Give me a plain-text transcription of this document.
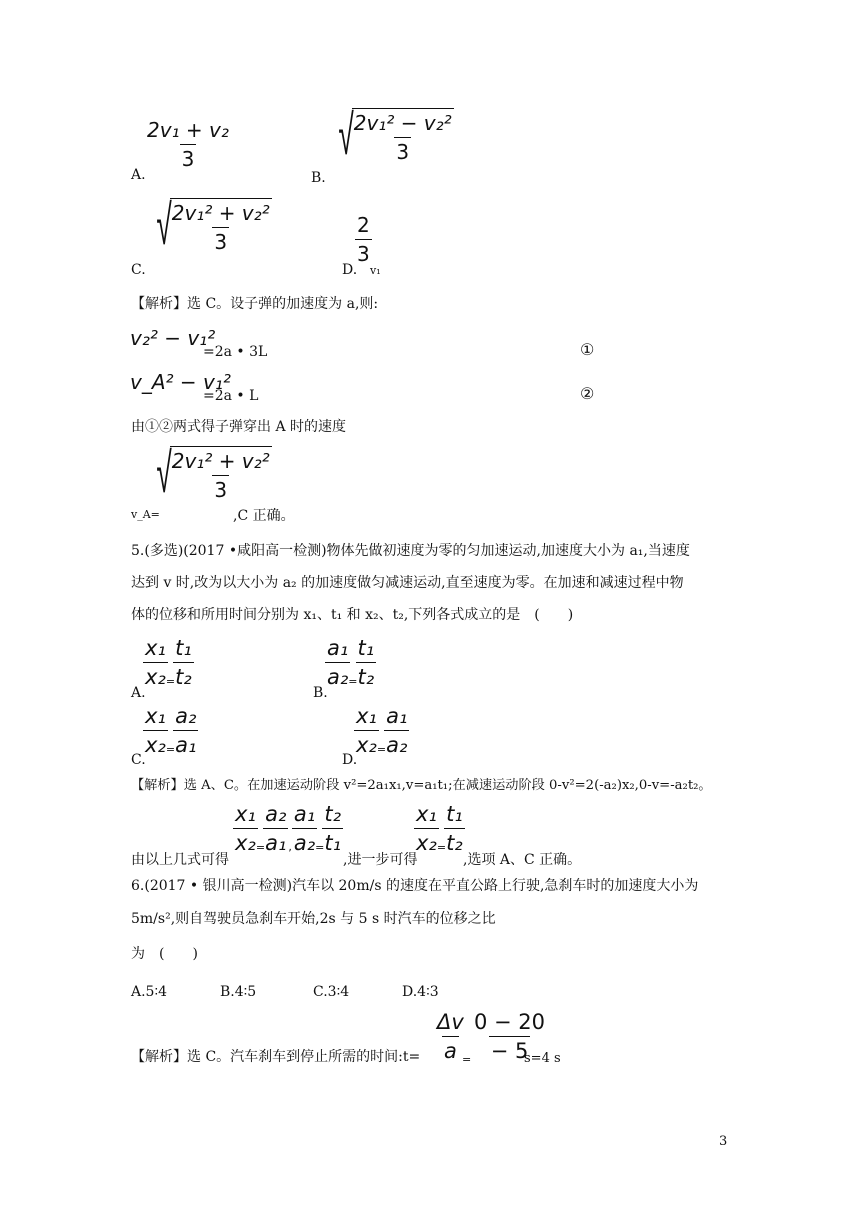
A.
$\frac{\text{2v₁ + v₂}}{3}$
B.
√
$\frac{\text{2v₁² − v₂²}}{3}$
C.
√
$\frac{\text{2v₁² + v₂²}}{3}$
D.
$\frac{2}{3}$
v₁
【解析】选 C。设子弹的加速度为 a,则:
v₂² − v₁²
=2a • 3L	①
v_A² − v₁²
=2a • L	②
由①②两式得子弹穿出 A 时的速度
v_A=
√
$\frac{\text{2v₁² + v₂²}}{3}$
,C 正确。
5.(多选)(2017 •咸阳高一检测)物体先做初速度为零的匀加速运动,加速度大小为 a₁,当速度
达到 v 时,改为以大小为 a₂ 的加速度做匀减速运动,直至速度为零。在加速和减速过程中物
体的位移和所用时间分别为 x₁、t₁ 和 x₂、t₂,下列各式成立的是　(　　)
A.
$\frac{\text{x₁}}{\text{x₂}}$
$_=$
$\frac{\text{t₁}}{\text{t₂}}$
B.
$\frac{\text{a₁}}{\text{a₂}}$
$_=$
$\frac{\text{t₁}}{\text{t₂}}$
C.
$\frac{\text{x₁}}{\text{x₂}}$
$_=$
$\frac{\text{a₂}}{\text{a₁}}$
D.
$\frac{\text{x₁}}{\text{x₂}}$
$_=$
$\frac{\text{a₁}}{\text{a₂}}$
【解析】选 A、C。在加速运动阶段 v²=2a₁x₁,v=a₁t₁;在减速运动阶段 0-v²=2(-a₂)x₂,0-v=-a₂t₂。
由以上几式可得
$\frac{\text{x₁}}{\text{x₂}}$
$_=$
$\frac{\text{a₂}}{\text{a₁}} _, \frac{\text{a₁}}{\text{a₂}}$
$_=$
$\frac{\text{t₂}}{\text{t₁}}$
,进一步可得
$\frac{\text{x₁}}{\text{x₂}}$
$_=$
$\frac{\text{t₁}}{\text{t₂}}$
,选项 A、C 正确。
6.(2017 • 银川高一检测)汽车以 20m/s 的速度在平直公路上行驶,急刹车时的加速度大小为
5m/s²,则自驾驶员急刹车开始,2s 与 5 s 时汽车的位移之比
为　(　　)
A.5∶4	B.4∶5	C.3∶4	D.4∶3
【解析】选 C。汽车刹车到停止所需的时间:t= $\frac{\Delta v}{a}$
= $\frac{0 - 20}{- 5}$
s=4 s
3
